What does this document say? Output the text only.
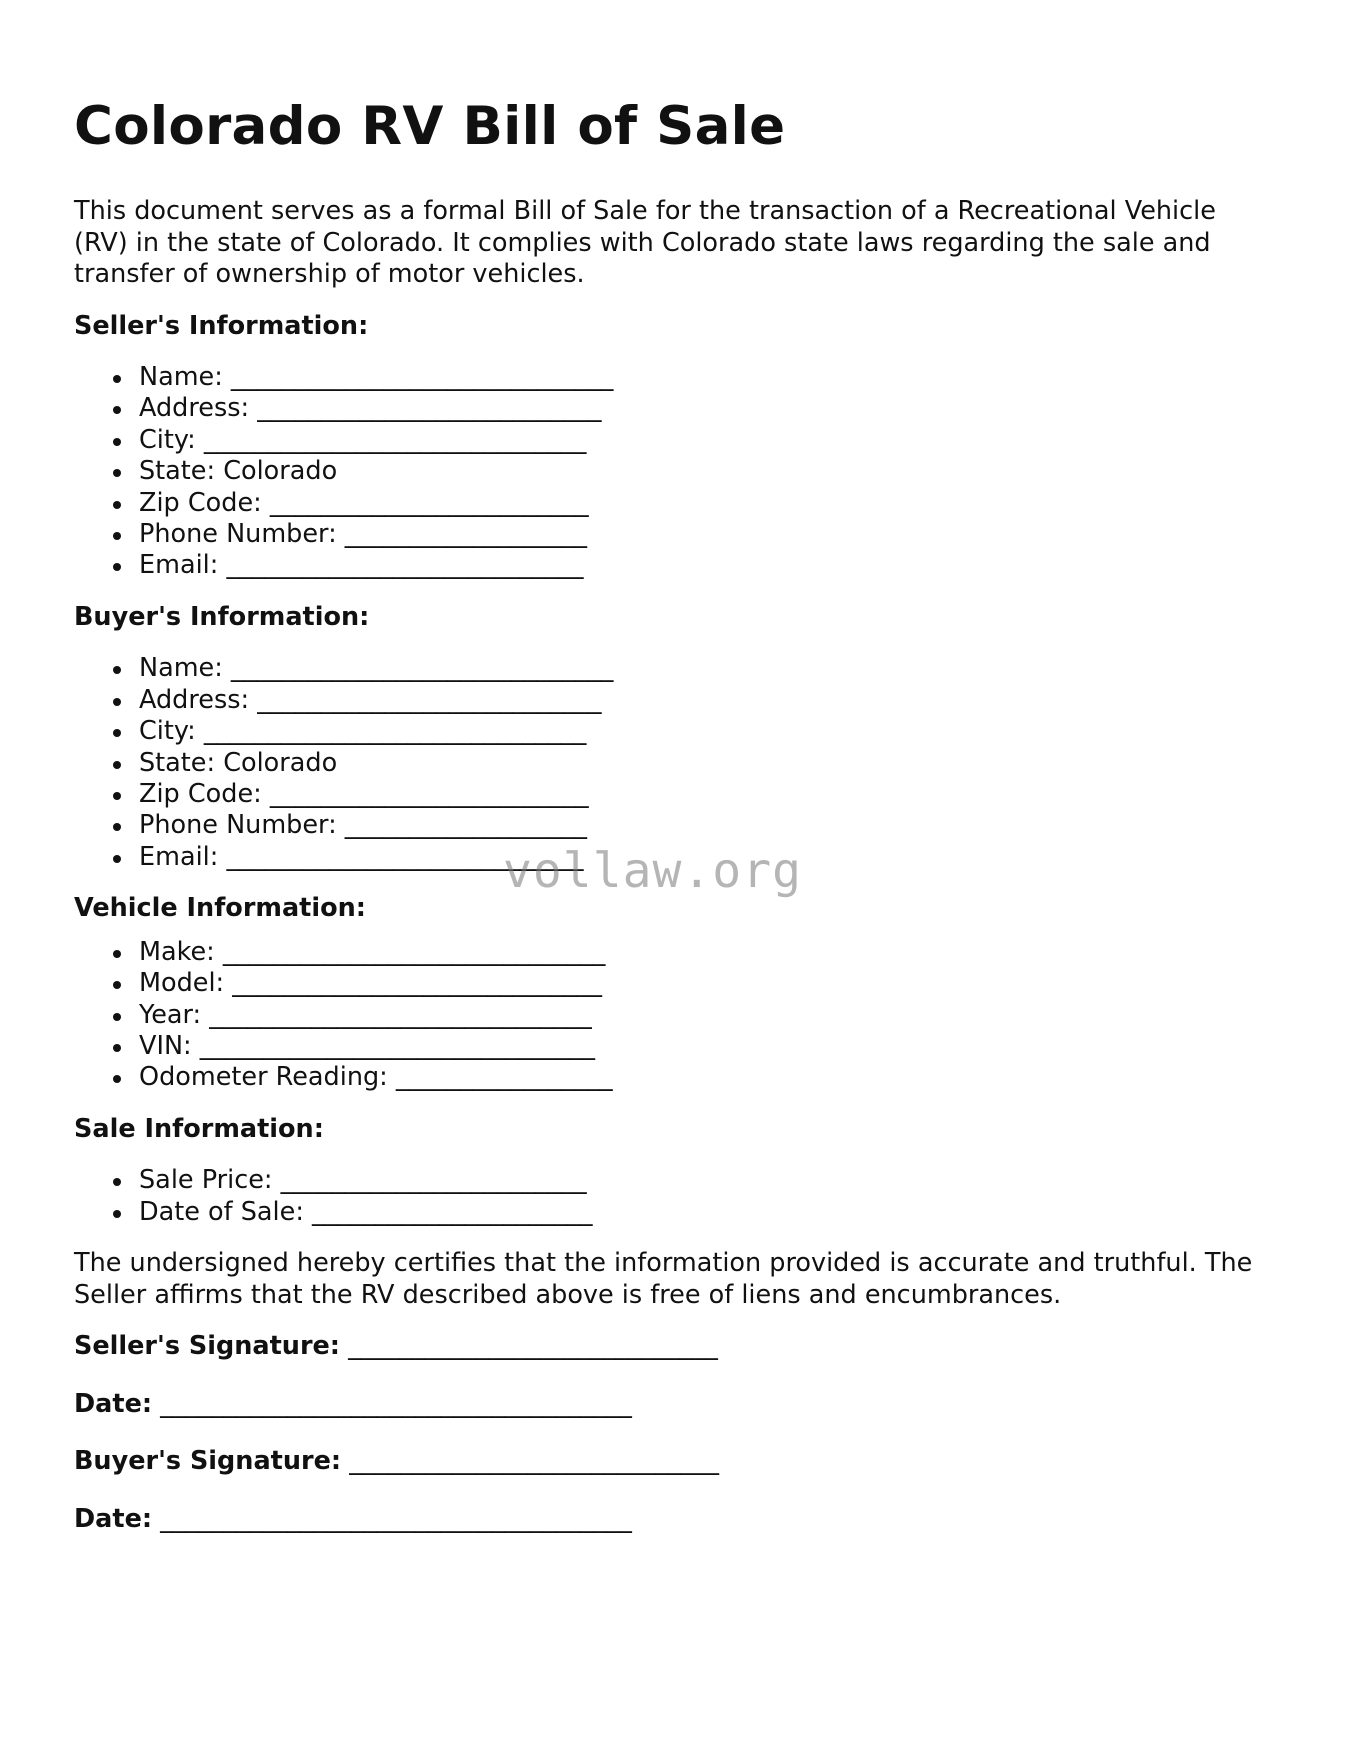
Colorado RV Bill of Sale

This document serves as a formal Bill of Sale for the transaction of a Recreational Vehicle (RV) in the state of Colorado. It complies with Colorado state laws regarding the sale and transfer of ownership of motor vehicles.

Seller's Information:

Name: ______________________________
Address: ___________________________
City: ______________________________
State: Colorado
Zip Code: _________________________
Phone Number: ___________________
Email: ____________________________

Buyer's Information:

Name: ______________________________
Address: ___________________________
City: ______________________________
State: Colorado
Zip Code: _________________________
Phone Number: ___________________
Email: ____________________________

Vehicle Information:

Make: ______________________________
Model: _____________________________
Year: ______________________________
VIN: _______________________________
Odometer Reading: _________________

Sale Information:

Sale Price: ________________________
Date of Sale: ______________________

The undersigned hereby certifies that the information provided is accurate and truthful. The Seller affirms that the RV described above is free of liens and encumbrances.

Seller's Signature: _____________________________

Date: _____________________________________

Buyer's Signature: _____________________________

Date: _____________________________________

vollaw.org
